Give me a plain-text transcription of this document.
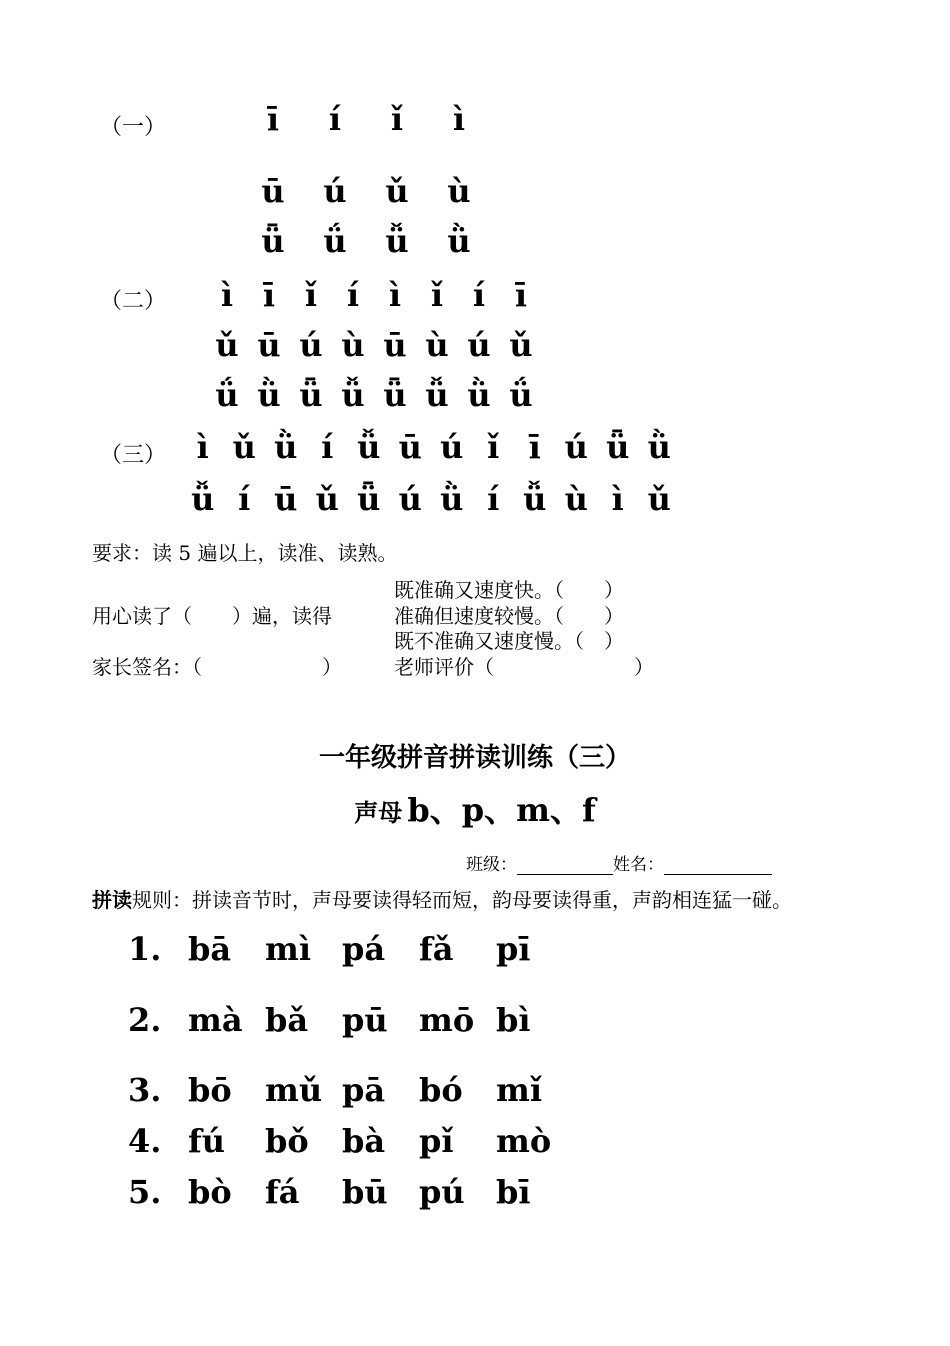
（一）	ī	í	ǐ	ì
ū	ú	ǔ	ù
ǖ	ǘ	ǚ	ǜ
（二）	ì ī ǐ í ì ǐ í ī
ǔ ū ú ù ū ù ú ǔ
ǘ ǜ ǖ ǚ ǖ ǚ ǜ ǘ
（三） ì ǔ ǜ í ǚ ū ú ǐ ī ú ǖ ǜ
ǚ í ū ǔ ǖ ú ǜ í ǚ ù ì ǔ
要求：读 5 遍以上，读准、读熟。
既准确又速度快。（　　）
用心读了（　　）遍，读得	准确但速度较慢。（　　）
既不准确又速度慢。（　）
家长签名：（　　　　　　）	老师评价（　　　　　　　）
一年级拼音拼读训练（三）
声母 b、p、m、f
班级：	姓名：
拼读规则：拼读音节时，声母要读得轻而短，韵母要读得重，声韵相连猛一碰。
1. bā	mì pá	fǎ	pī
2. mà bǎ	pū mō bì
3. bō	mǔ pā	bó	mǐ
4. fú	bǒ	bà	pǐ	mò
5. bò	fá	bū pú bī
